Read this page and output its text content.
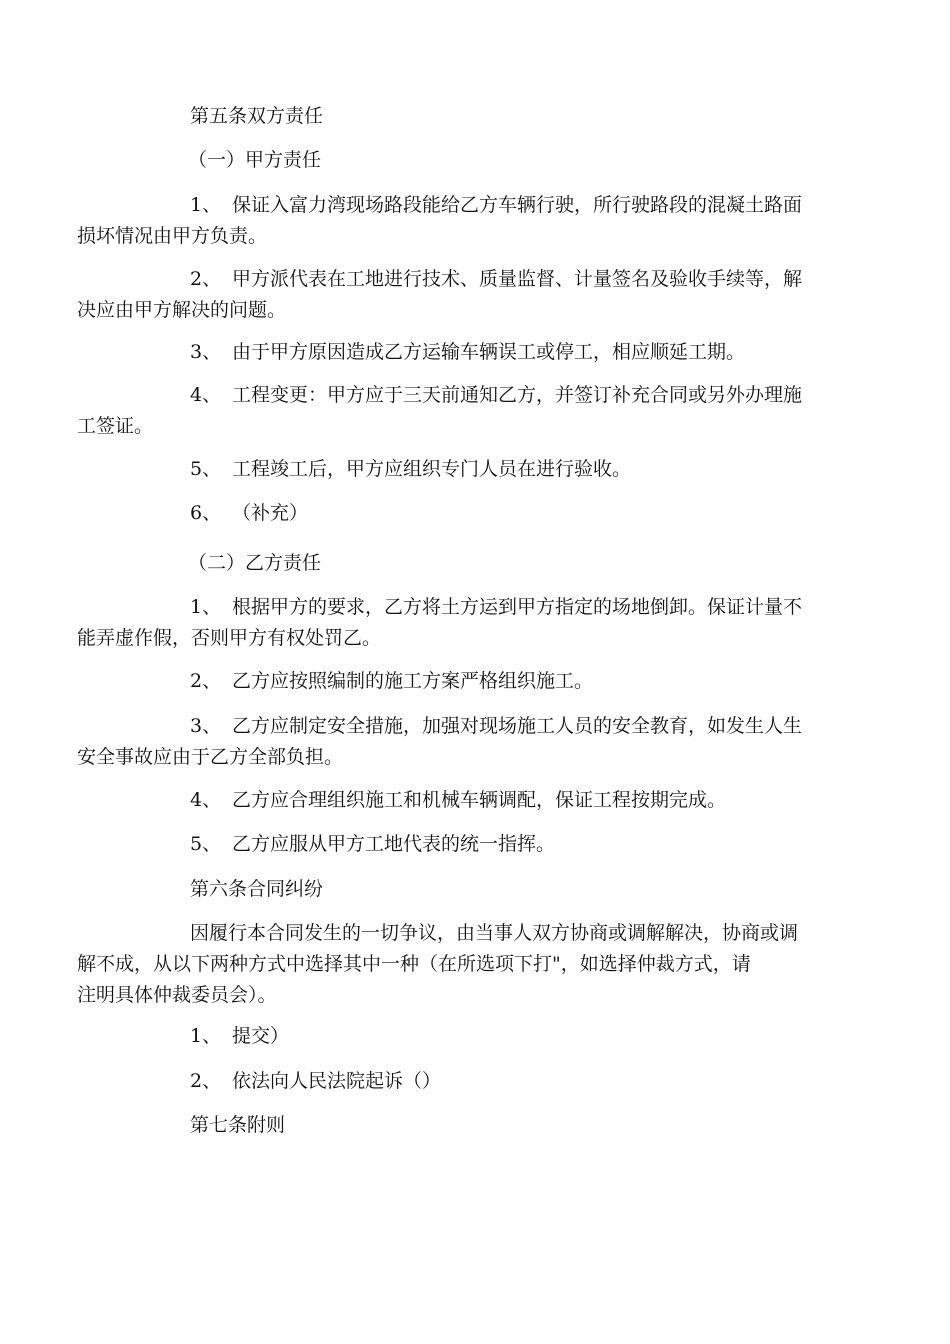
第五条双方责任
（一）甲方责任
1、 保证入富力湾现场路段能给乙方车辆行驶，所行驶路段的混凝土路面
损坏情况由甲方负责。
2、 甲方派代表在工地进行技术、质量监督、计量签名及验收手续等，解
决应由甲方解决的问题。
3、 由于甲方原因造成乙方运输车辆误工或停工，相应顺延工期。
4、 工程变更：甲方应于三天前通知乙方，并签订补充合同或另外办理施
工签证。
5、 工程竣工后，甲方应组织专门人员在进行验收。
6、 （补充）
（二）乙方责任
1、 根据甲方的要求，乙方将土方运到甲方指定的场地倒卸。保证计量不
能弄虚作假，否则甲方有权处罚乙。
2、 乙方应按照编制的施工方案严格组织施工。
3、 乙方应制定安全措施，加强对现场施工人员的安全教育，如发生人生
安全事故应由于乙方全部负担。
4、 乙方应合理组织施工和机械车辆调配，保证工程按期完成。
5、 乙方应服从甲方工地代表的统一指挥。
第六条合同纠纷
因履行本合同发生的一切争议，由当事人双方协商或调解解决，协商或调
解不成，从以下两种方式中选择其中一种（在所选项下打"，如选择仲裁方式，请
注明具体仲裁委员会）。
1、 提交）
2、 依法向人民法院起诉（）
第七条附则
